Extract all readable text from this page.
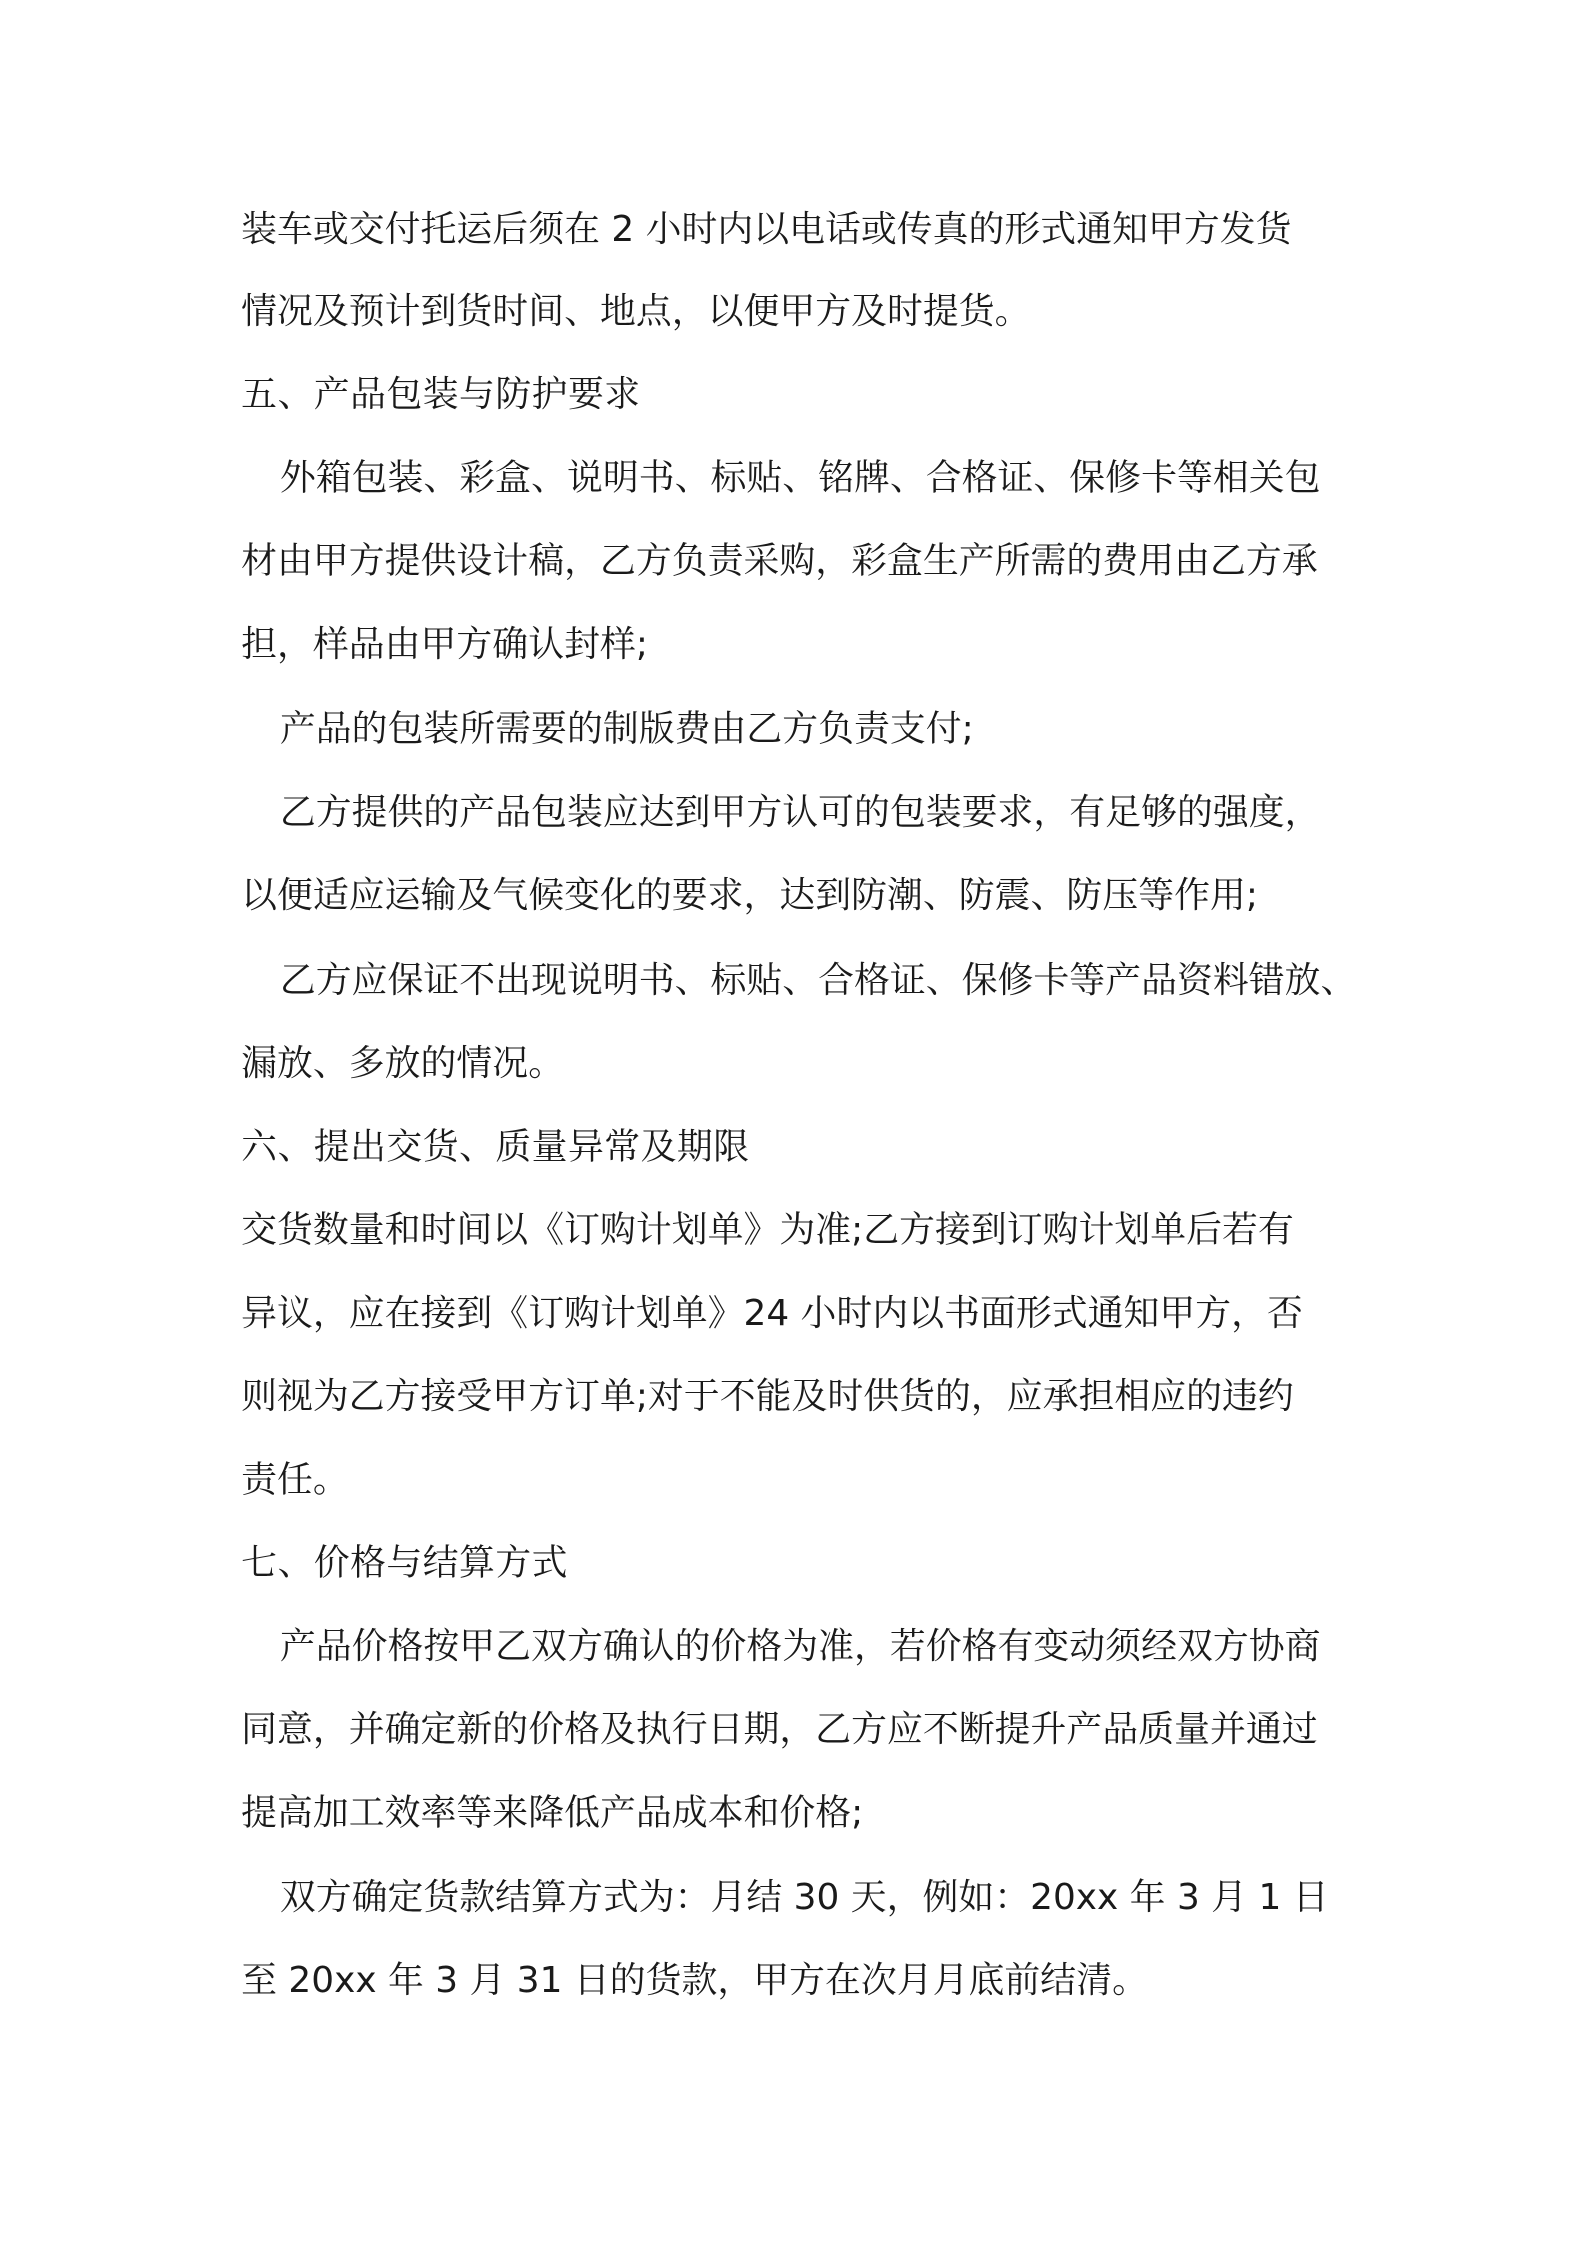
装车或交付托运后须在 2 小时内以电话或传真的形式通知甲方发货

情况及预计到货时间、地点，以便甲方及时提货。

五、产品包装与防护要求

外箱包装、彩盒、说明书、标贴、铭牌、合格证、保修卡等相关包

材由甲方提供设计稿，乙方负责采购，彩盒生产所需的费用由乙方承

担，样品由甲方确认封样;

产品的包装所需要的制版费由乙方负责支付;

乙方提供的产品包装应达到甲方认可的包装要求，有足够的强度，

以便适应运输及气候变化的要求，达到防潮、防震、防压等作用;

乙方应保证不出现说明书、标贴、合格证、保修卡等产品资料错放、

漏放、多放的情况。

六、提出交货、质量异常及期限

交货数量和时间以《订购计划单》为准;乙方接到订购计划单后若有

异议，应在接到《订购计划单》24 小时内以书面形式通知甲方，否

则视为乙方接受甲方订单;对于不能及时供货的，应承担相应的违约

责任。

七、价格与结算方式

产品价格按甲乙双方确认的价格为准，若价格有变动须经双方协商

同意，并确定新的价格及执行日期，乙方应不断提升产品质量并通过

提高加工效率等来降低产品成本和价格;

双方确定货款结算方式为：月结 30 天，例如：20xx 年 3 月 1 日

至 20xx 年 3 月 31 日的货款，甲方在次月月底前结清。
